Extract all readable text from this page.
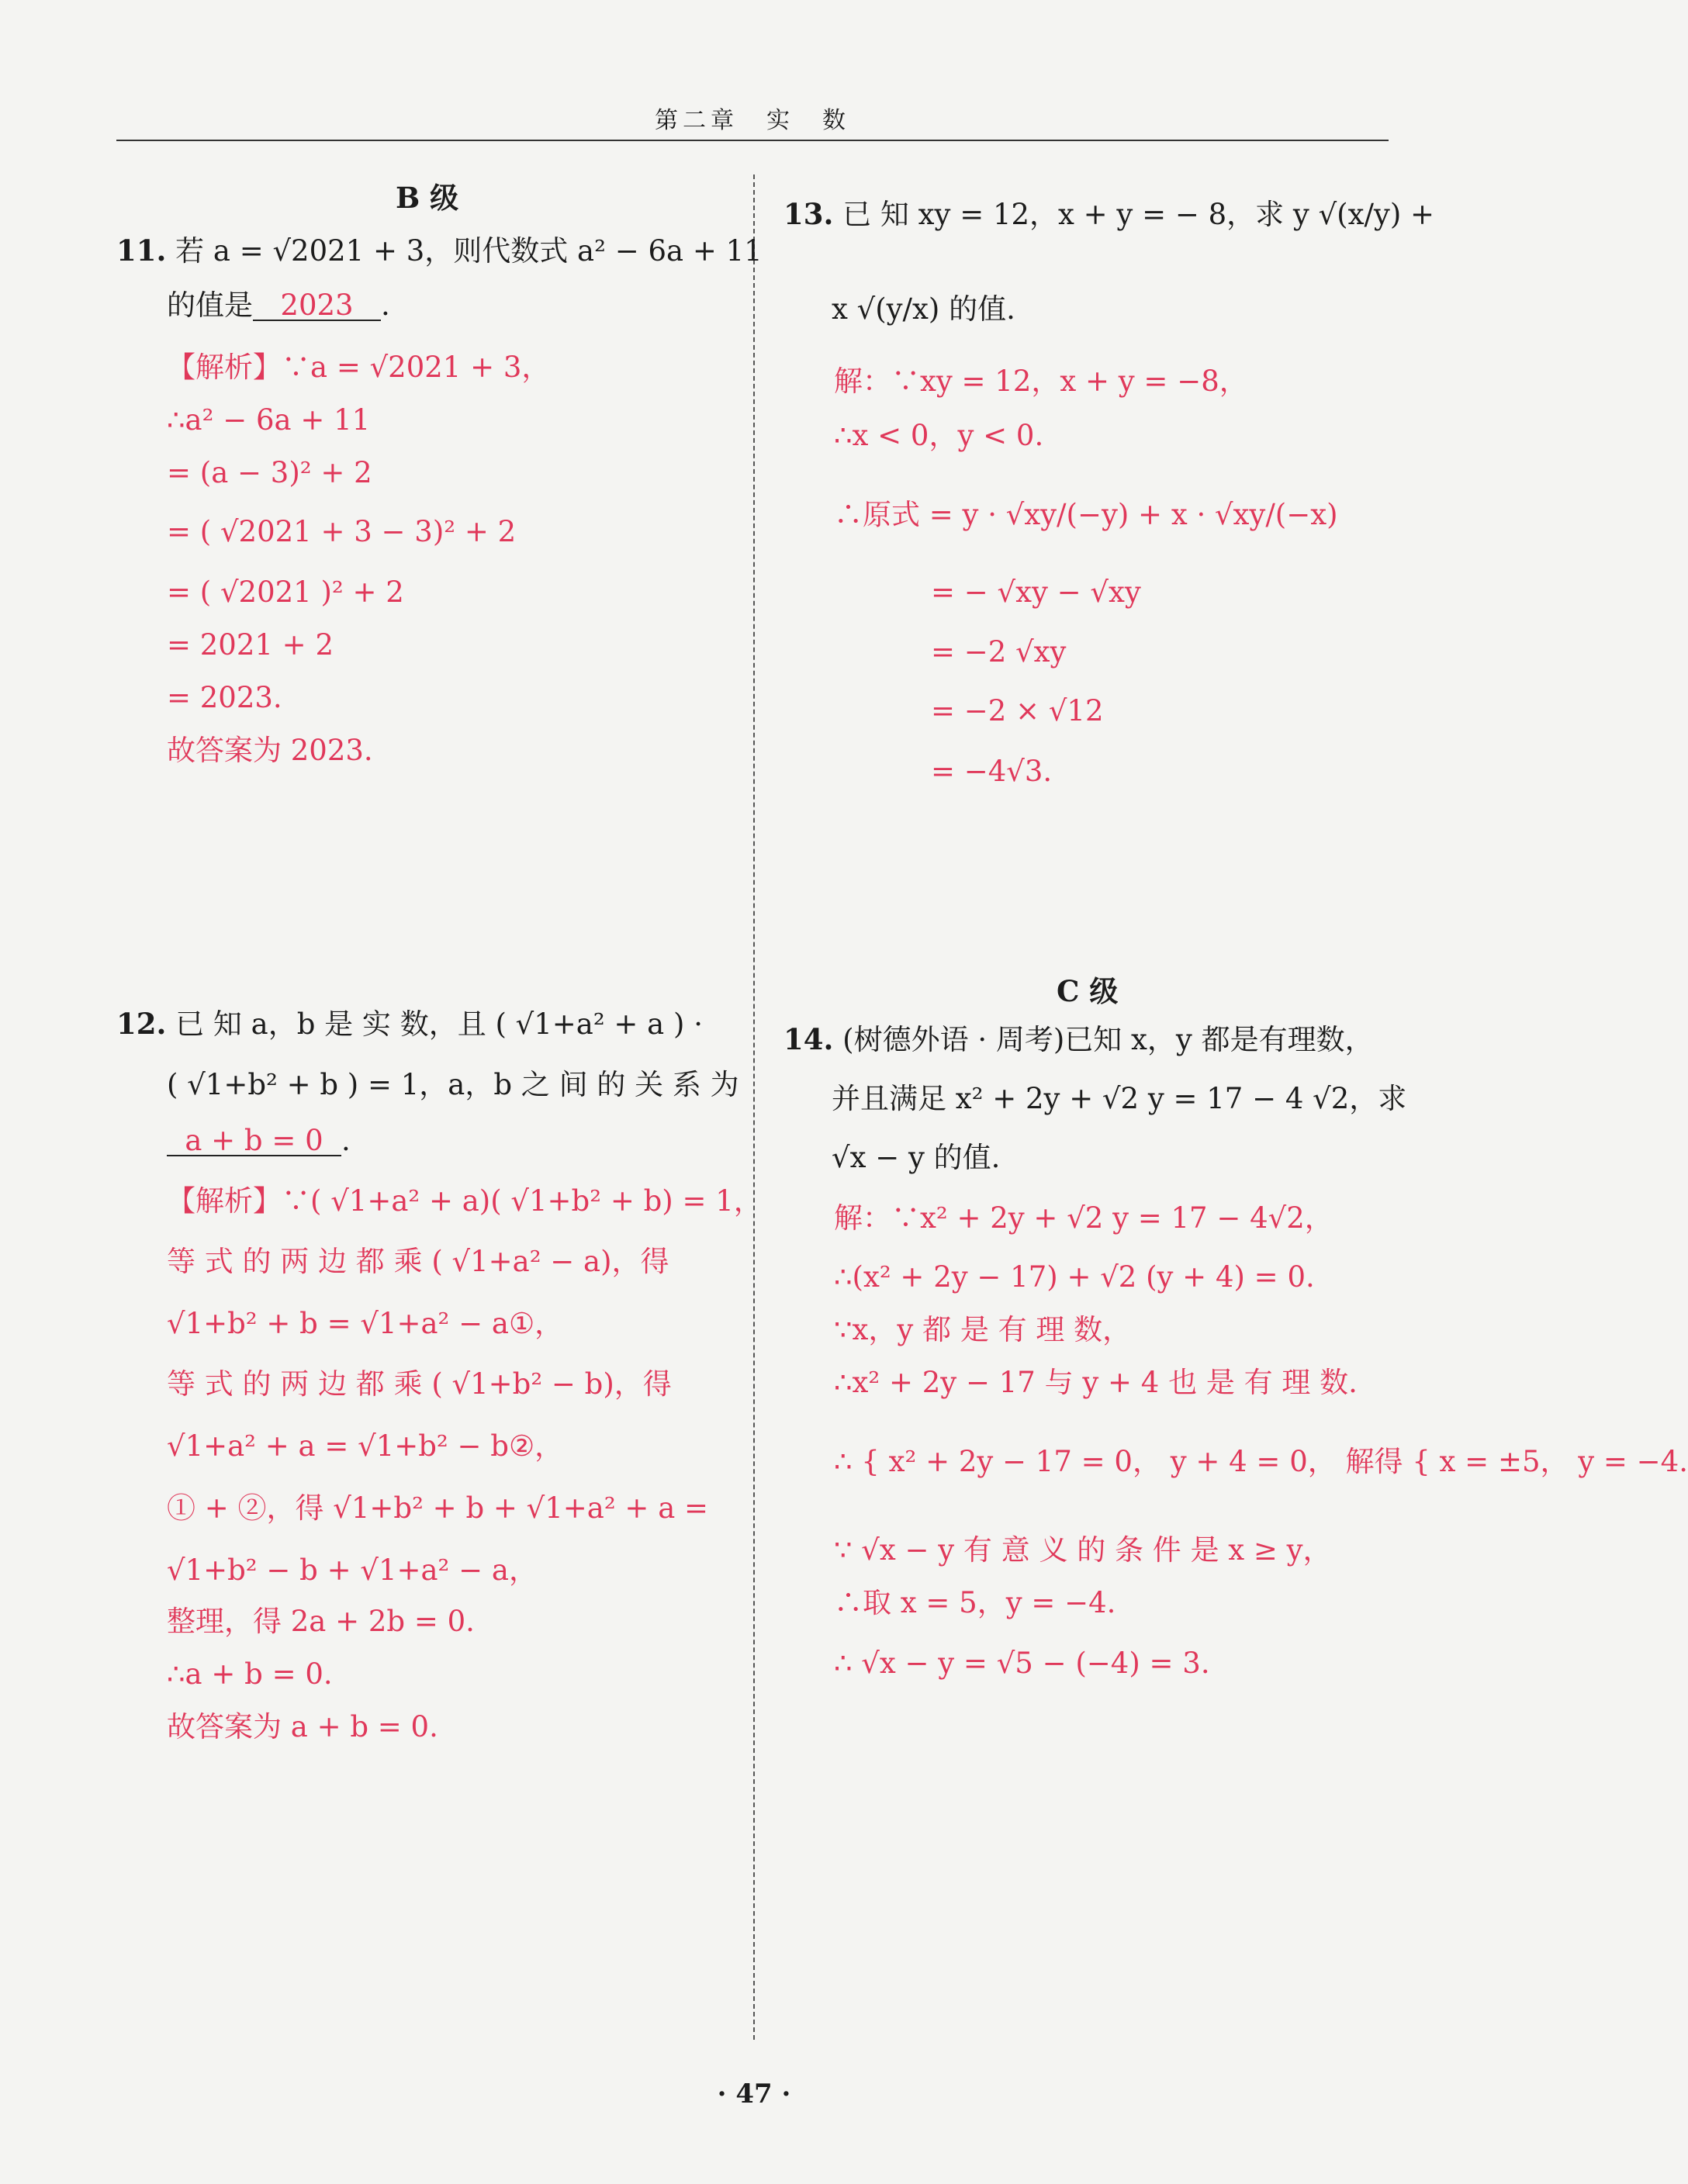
第二章　实　数
B 级
11. 若 a = √2021 + 3，则代数式 a² − 6a + 11
的值是 2023 .
【解析】∵a = √2021 + 3，
∴a² − 6a + 11
= (a − 3)² + 2
= ( √2021 + 3 − 3)² + 2
= ( √2021 )² + 2
= 2021 + 2
= 2023.
故答案为 2023.
12. 已 知 a，b 是 实 数，且 ( √1+a² + a ) ·
( √1+b² + b ) = 1，a，b 之 间 的 关 系 为
a + b = 0 .
【解析】∵( √1+a² + a)( √1+b² + b) = 1，
等 式 的 两 边 都 乘 ( √1+a² − a)，得
√1+b² + b = √1+a² − a①，
等 式 的 两 边 都 乘 ( √1+b² − b)，得
√1+a² + a = √1+b² − b②，
① + ②，得 √1+b² + b + √1+a² + a =
√1+b² − b + √1+a² − a，
整理，得 2a + 2b = 0.
∴a + b = 0.
故答案为 a + b = 0.
13. 已 知 xy = 12，x + y = − 8，求 y √(x/y) +
x √(y/x) 的值.
解：∵xy = 12，x + y = −8，
∴x < 0，y < 0.
∴原式 = y · √xy/(−y) + x · √xy/(−x)
= − √xy − √xy
= −2 √xy
= −2 × √12
= −4√3.
C 级
14. (树德外语 · 周考)已知 x，y 都是有理数，
并且满足 x² + 2y + √2 y = 17 − 4 √2，求
√x − y 的值.
解：∵x² + 2y + √2 y = 17 − 4√2，
∴(x² + 2y − 17) + √2 (y + 4) = 0.
∵x，y 都 是 有 理 数，
∴x² + 2y − 17 与 y + 4 也 是 有 理 数.
∴ { x² + 2y − 17 = 0， y + 4 = 0， 解得 { x = ±5， y = −4.
∵ √x − y 有 意 义 的 条 件 是 x ≥ y，
∴取 x = 5，y = −4.
∴ √x − y = √5 − (−4) = 3.
· 47 ·
